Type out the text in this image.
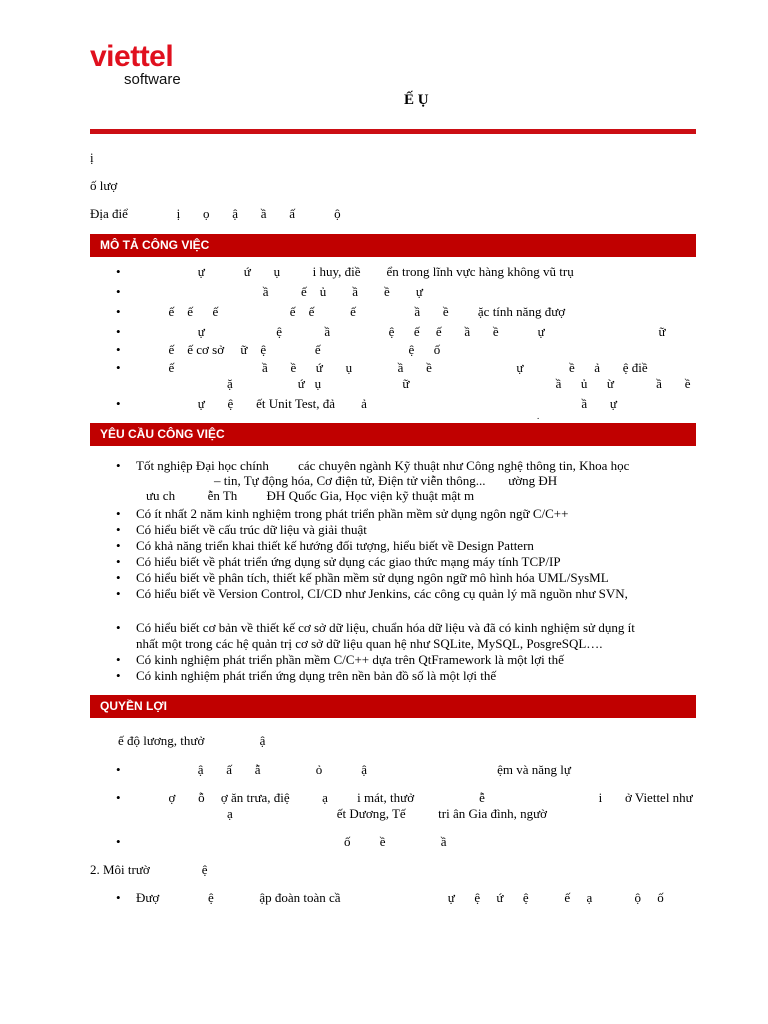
viettel
software
Ế Ụ
ị
ố lượ
Địa điể               ị       ọ       ậ       ầ       ấ            ộ
MÔ TẢ CÔNG VIỆC
• ự            ứ       ụ          i huy, điề        ển trong lĩnh vực hàng không vũ trụ
• ầ          ế    ủ        ầ        ề        ự
• ế    ế      ế                      ế    ế           ế                  ầ       ề         ặc tính năng đượ
• ự                      ệ             ầ                  ệ      ế     ế       ầ       ề            ự                                   ữ
• ế    ế cơ sở     ữ    ệ               ế                           ệ      ố
• ế                           ầ       ề      ứ       ụ              ầ       ề                          ự              ề      ả       ệ điề
ặ                    ứ   ụ                         ữ                                             ầ      ủ      ừ             ầ       ề
• ự       ệ       ết Unit Test, đả        ả                                                                  ầ       ự
.
YÊU CẦU CÔNG VIỆC
• Tốt nghiệp Đại học chính         các chuyên ngành Kỹ thuật như Công nghệ thông tin, Khoa học
– tin, Tự động hóa, Cơ điện tử, Điện tử viễn thông...       ường ĐH
ưu ch          ễn Th         ĐH Quốc Gia, Học viện kỹ thuật mật m
• Có ít nhất 2 năm kinh nghiệm trong phát triển phần mềm sử dụng ngôn ngữ C/C++
• Có hiểu biết về cấu trúc dữ liệu và giải thuật
• Có khả năng triển khai thiết kế hướng đối tượng, hiểu biết về Design Pattern
• Có hiểu biết về phát triển ứng dụng sử dụng các giao thức mạng máy tính TCP/IP
• Có hiểu biết về phân tích, thiết kế phần mềm sử dụng ngôn ngữ mô hình hóa UML/SysML
• Có hiểu biết về Version Control, CI/CD như Jenkins, các công cụ quản lý mã nguồn như SVN,
• Có hiểu biết cơ bản về thiết kế cơ sở dữ liệu, chuẩn hóa dữ liệu và đã có kinh nghiệm sử dụng ít
nhất một trong các hệ quản trị cơ sở dữ liệu quan hệ như SQLite, MySQL, PosgreSQL….
• Có kinh nghiệm phát triển phần mềm C/C++ dựa trên QtFramework là một lợi thế
• Có kinh nghiệm phát triển ứng dụng trên nền bản đồ số là một lợi thế
QUYỀN LỢI
ế độ lương, thưở                 ậ
• ậ       ấ       ẫ                 ỏ            ậ                                        ệm và năng lự
• ợ       ỗ     ợ ăn trưa, điệ          ạ         i mát, thưở                    ễ                                   i       ở Viettel như
ạ                                ết Dương, Tế          tri ân Gia đình, ngườ
• ố         ề                 ầ
2. Môi trườ                ệ
• Đượ               ệ              ập đoàn toàn cầ                                 ự      ệ     ứ      ệ           ế     ạ             ộ     ố
